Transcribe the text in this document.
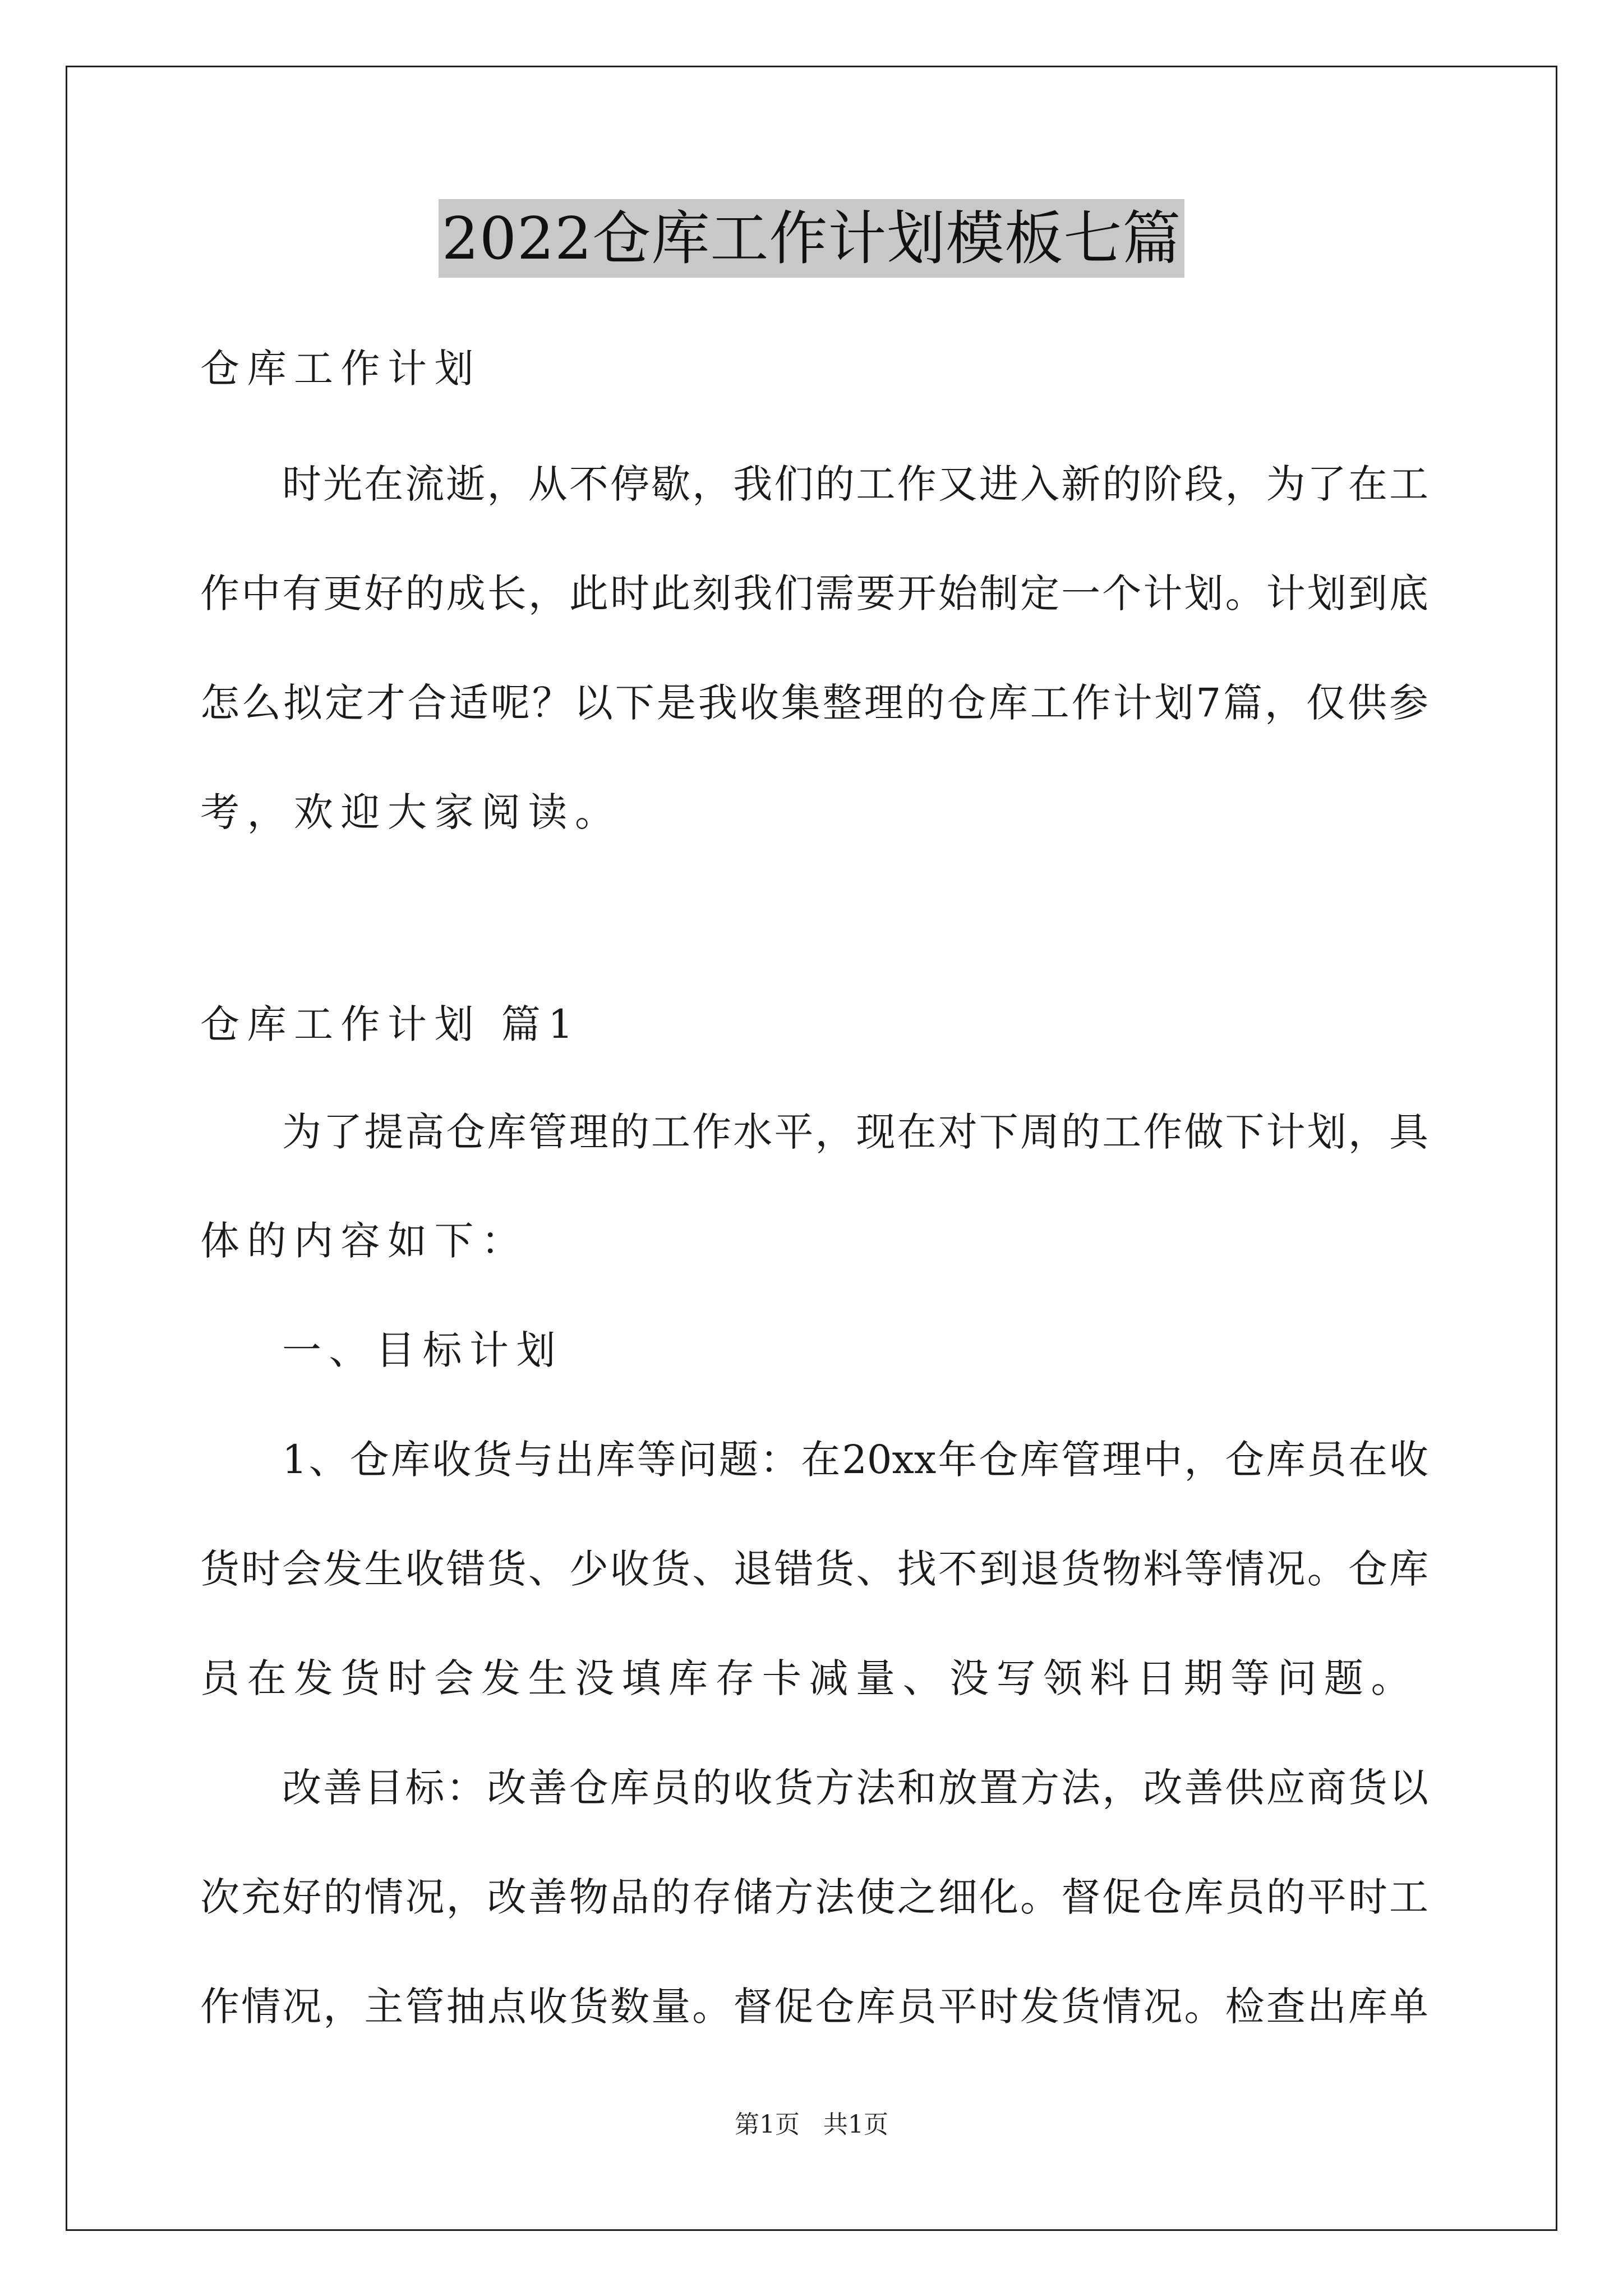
2022仓库工作计划模板七篇
仓库工作计划
时光在流逝，从不停歇，我们的工作又进入新的阶段，为了在工
作中有更好的成长，此时此刻我们需要开始制定一个计划。计划到底
怎么拟定才合适呢？以下是我收集整理的仓库工作计划7篇，仅供参
考，欢迎大家阅读。
仓库工作计划 篇1
为了提高仓库管理的工作水平，现在对下周的工作做下计划，具
体的内容如下：
一、目标计划
1、仓库收货与出库等问题：在20xx年仓库管理中，仓库员在收
货时会发生收错货、少收货、退错货、找不到退货物料等情况。仓库
员在发货时会发生没填库存卡减量、没写领料日期等问题。
改善目标：改善仓库员的收货方法和放置方法，改善供应商货以
次充好的情况，改善物品的存储方法使之细化。督促仓库员的平时工
作情况，主管抽点收货数量。督促仓库员平时发货情况。检查出库单
第1页 共1页
